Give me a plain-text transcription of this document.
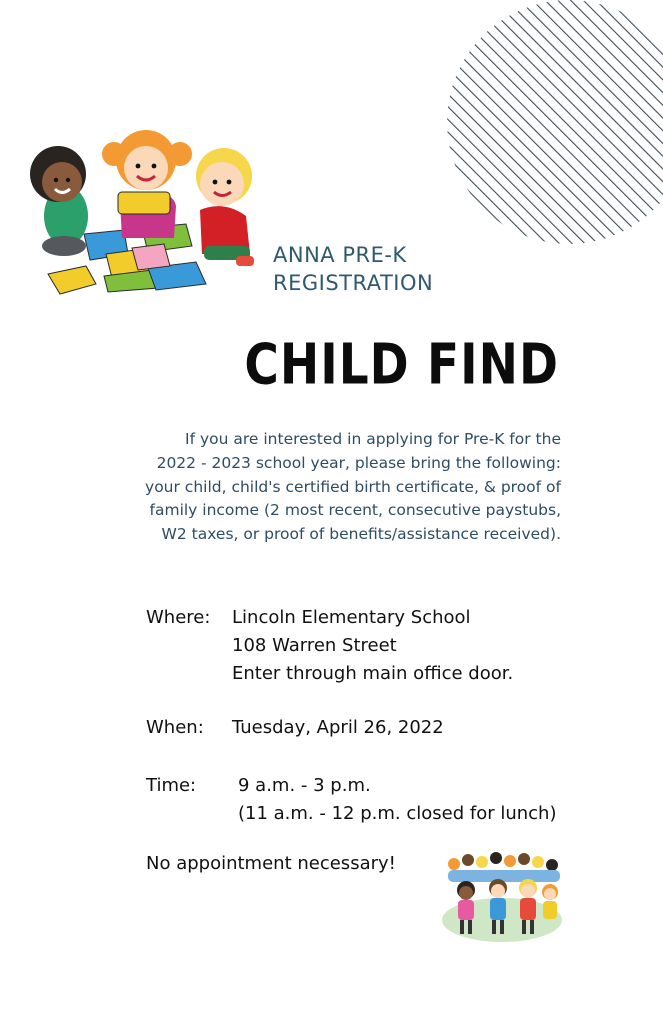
ANNA PRE-K
REGISTRATION

CHILD FIND

If you are interested in applying for Pre-K for the 2022 - 2023 school year, please bring the following: your child, child's certified birth certificate, & proof of family income (2 most recent, consecutive paystubs, W2 taxes, or proof of benefits/assistance received).

Where: Lincoln Elementary School
108 Warren Street
Enter through main office door.
When: Tuesday, April 26, 2022
Time: 9 a.m. - 3 p.m.
(11 a.m. - 12 p.m. closed for lunch)

No appointment necessary!
